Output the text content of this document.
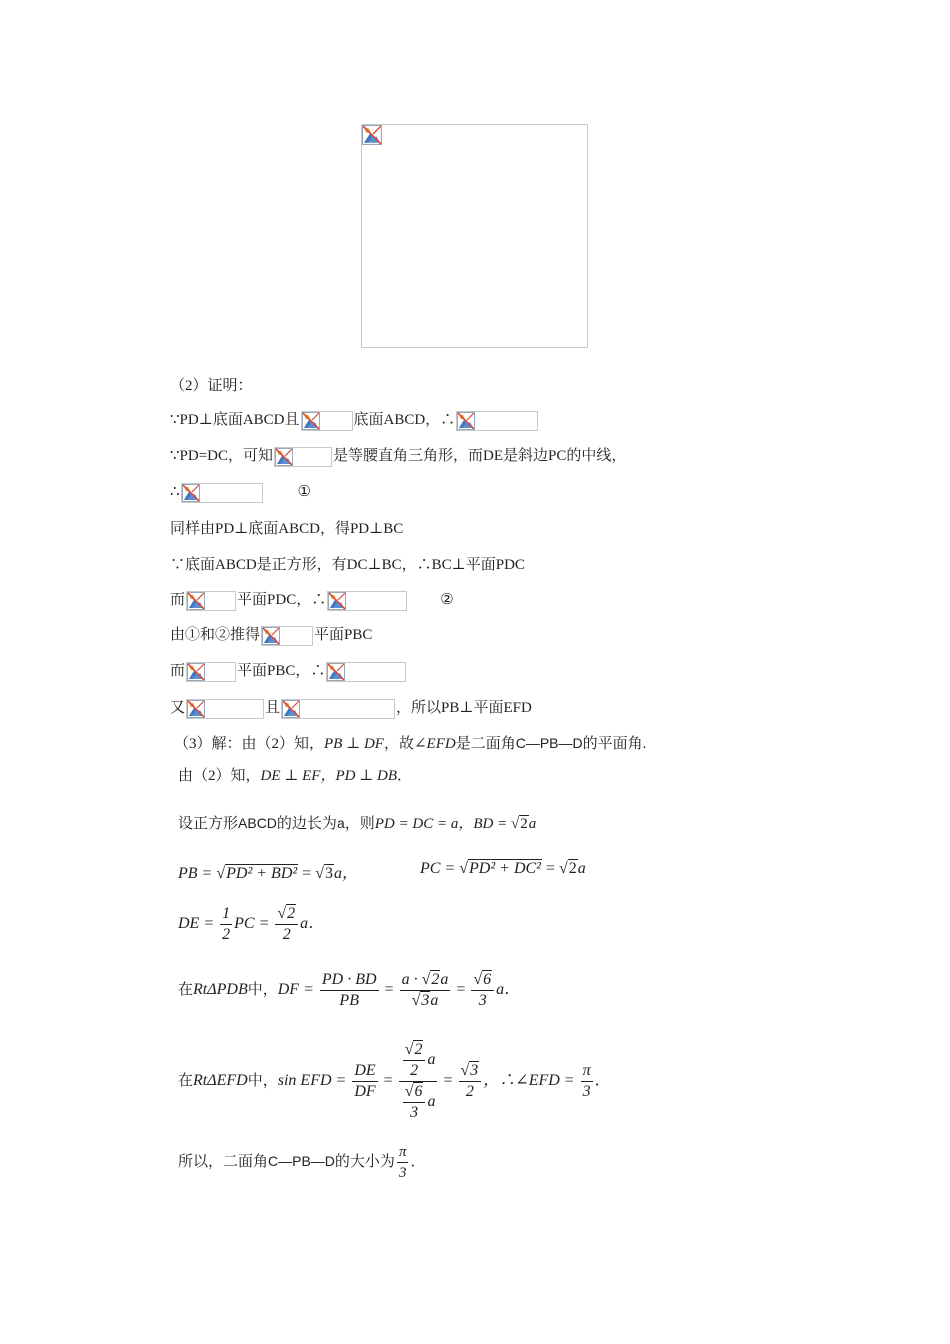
（2）证明：
∵PD⊥底面ABCD且	底面ABCD，∴
∵PD=DC，可知	是等腰直角三角形，而DE是斜边PC的中线，
∴	①
同样由PD⊥底面ABCD，得PD⊥BC
∵底面ABCD是正方形，有DC⊥BC，∴BC⊥平面PDC
而	平面PDC，∴	②
由①和②推得	平面PBC
而	平面PBC，∴
又	且	，所以PB⊥平面EFD
（3）解：由（2）知，PB ⊥ DF，故∠EFD是二面角C—PB—D的平面角.
由（2）知，DE ⊥ EF，PD ⊥ DB．
设正方形ABCD的边长为a，则PD = DC = a，BD = √2a
PB = √PD² + BD² = √3a，	PC = √PD² + DC² = √2a
DE = $\frac{1}{2}$ PC = $\frac{√2}{2}$ a．
在RtΔPDB中，DF = $\frac{PD \cdot BD}{PB} = \frac{a \cdot √2a}{√3a} = \frac{√6}{3}$ a．
在RtΔEFD中，sin EFD = $\frac{DE}{DF} = \frac{\frac{√2}{2} a}{\frac{√6}{3} a} = \frac{√3}{2}$ ，∴∠EFD = $\frac{\pi}{3}$ ．
所以，二面角C—PB—D的大小为 $\frac{\pi}{3}$ ．
